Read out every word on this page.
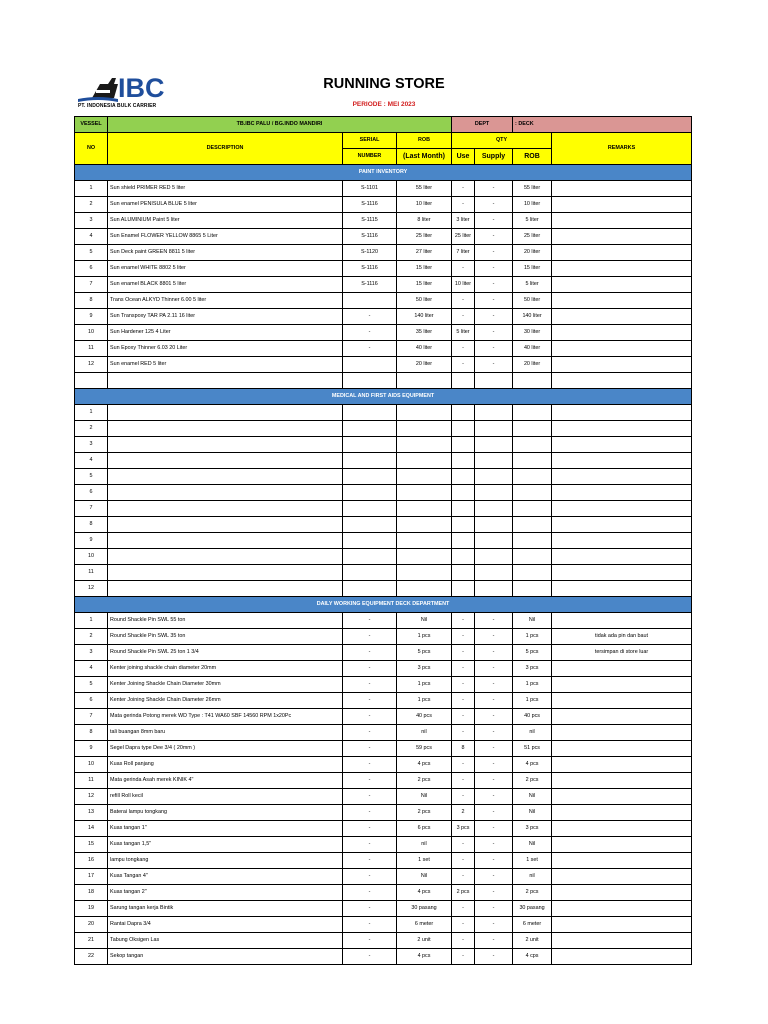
IBC
PT. INDONESIA BULK CARRIER
RUNNING STORE
PERIODE : MEI 2023
VESSEL	TB.IBC PALU / BG.INDO MANDIRI			DEPT		: DECK	
NO	DESCRIPTION	SERIAL	ROB	QTY			REMARKS
		NUMBER	(Last Month)	Use	Supply	ROB	
PAINT INVENTORY							
1	Sun shield PRIMER RED 5 liter	S-1101	55 liter	-	-	55 liter	
2	Sun enamel PENISULA BLUE 5 liter	S-1116	10 liter	-	-	10 liter	
3	Sun ALUMINIUM Paint 5 liter	S-1115	8 liter	3 liter	-	5 liter	
4	Sun Enamel FLOWER YELLOW 8865 5 Liter	S-1116	25 liter	25 liter	-	25 liter	
5	Sun Deck paint GREEN 8811 5 liter	S-1120	27 liter	7 liter	-	20 liter	
6	Sun enamel WHITE 8802 5 liter	S-1116	15 liter	-	-	15 liter	
7	Sun enamel BLACK 8801 5 liter	S-1116	15 liter	10 liter	-	5 liter	
8	Trans Ocean ALKYD Thinner 6.00 5 liter		50 liter	-	-	50 liter	
9	Sun Transpoxy TAR PA 2.11 16 liter	-	140 liter	-	-	140 liter	
10	Sun Hardener 125 4 Liter	-	35 liter	5 liter	-	30 liter	
11	Sun Epoxy Thinner 6.03 20 Liter	-	40 liter	-	-	40 liter	
12	Sun enamel RED 5 liter		20 liter	-	-	20 liter	

MEDICAL AND FIRST AIDS EQUIPMENT							
1							
2							
3							
4							
5							
6							
7							
8							
9							
10							
11							
12							
DAILY WORKING EQUIPMENT DECK DEPARTMENT							
1	Round Shackle Pin SWL 55 ton	-	Nil	-	-	Nil	
2	Round Shackle Pin SWL 35 ton	-	1 pcs	-	-	1 pcs	tidak ada pin dan baut
3	Round Shackle Pin SWL 25 ton 1 3/4	-	5 pcs	-	-	5 pcs	tersimpan di store luar
4	Kenter joining shackle chain diameter 20mm	-	3 pcs	-	-	3 pcs	
5	Kenter Joining Shackle Chain Diameter 30mm	-	1 pcs	-	-	1 pcs	
6	Kenter Joining Shackle Chain Diameter 26mm	-	1 pcs	-	-	1 pcs	
7	Mata gerinda Potong merek WD Type : T41 WA60 SBF 14560 RPM 1x20Pc	-	40 pcs	-	-	40 pcs	
8	tali buangan 8mm baru	-	nil	-	-	nil	
9	Segel Dapra type Dee 3/4 ( 20mm )	-	59 pcs	8	-	51 pcs	
10	Kuas Roll panjang	-	4 pcs	-	-	4 pcs	
11	Mata gerinda Asah merek KINIK 4"	-	2 pcs	-	-	2 pcs	
12	refill Roll kecil	-	Nil	-	-	Nil	
13	Baterai lampu tongkang	-	2 pcs	2	-	Nil	
14	Kuas tangan 1"	-	6 pcs	3 pcs	-	3 pcs	
15	Kuas tangan 1,5"	-	nil	-	-	Nil	
16	lampu tongkang	-	1 set	-	-	1 set	
17	Kuas Tangan 4"	-	Nil	-	-	nil	
18	Kuas tangan 2"	-	4 pcs	2 pcs	-	2 pcs	
19	Sarung tangan kerja Bintik	-	30 pasang	-	-	30 pasang	
20	Rantai Dapra 3/4	-	6 meter	-	-	6 meter	
21	Tabung Oksigen Las	-	2 unit	-	-	2 unit	
22	Sekop tangan	-	4 pcs	-	-	4 cps	
